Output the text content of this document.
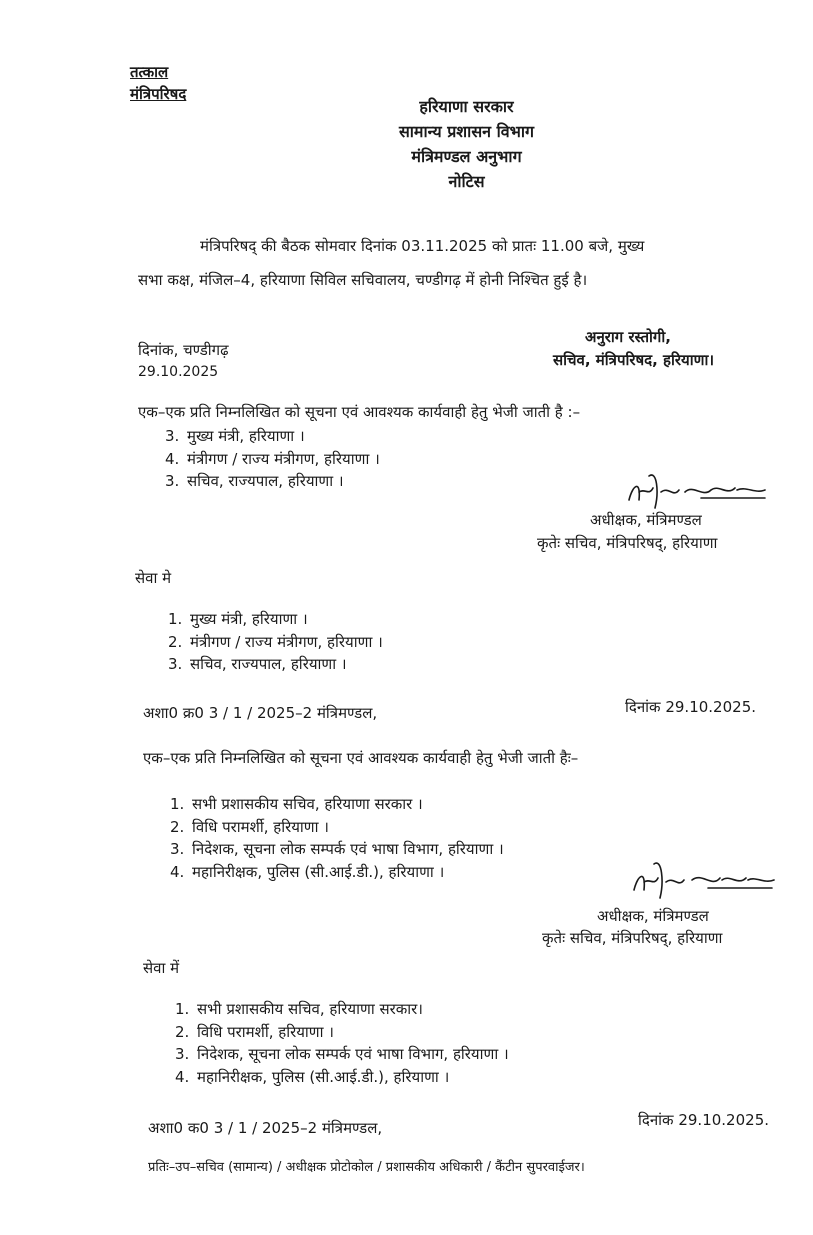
तत्काल

मंत्रिपरिषद

हरियाणा सरकार

सामान्य प्रशासन विभाग

मंत्रिमण्डल अनुभाग

नोटिस

मंत्रिपरिषद् की बैठक सोमवार दिनांक 03.11.2025 को प्रातः 11.00 बजे, मुख्य

सभा कक्ष, मंजिल–4, हरियाणा सिविल सचिवालय, चण्डीगढ़ में होनी निश्चित हुई है।

दिनांक, चण्डीगढ़

29.10.2025

अनुराग रस्तोगी,

सचिव, मंत्रिपरिषद, हरियाणा।

एक–एक प्रति निम्नलिखित को सूचना एवं आवश्यक कार्यवाही हेतु भेजी जाती है :–

3. मुख्य मंत्री, हरियाणा ।
4. मंत्रीगण / राज्य मंत्रीगण, हरियाणा ।
3. सचिव, राज्यपाल, हरियाणा ।

अधीक्षक, मंत्रिमण्डल

कृतेः सचिव, मंत्रिपरिषद्, हरियाणा

सेवा मे

1. मुख्य मंत्री, हरियाणा ।
2. मंत्रीगण / राज्य मंत्रीगण, हरियाणा ।
3. सचिव, राज्यपाल, हरियाणा ।

अशा0 क्र0 3 / 1 / 2025–2 मंत्रिमण्डल,	दिनांक 29.10.2025.

एक–एक प्रति निम्नलिखित को सूचना एवं आवश्यक कार्यवाही हेतु भेजी जाती हैः–

1. सभी प्रशासकीय सचिव, हरियाणा सरकार ।
2. विधि परामर्शी, हरियाणा ।
3. निदेशक, सूचना लोक सम्पर्क एवं भाषा विभाग, हरियाणा ।
4. महानिरीक्षक, पुलिस (सी.आई.डी.), हरियाणा ।

अधीक्षक, मंत्रिमण्डल

कृतेः सचिव, मंत्रिपरिषद्, हरियाणा

सेवा में

1. सभी प्रशासकीय सचिव, हरियाणा सरकार।
2. विधि परामर्शी, हरियाणा ।
3. निदेशक, सूचना लोक सम्पर्क एवं भाषा विभाग, हरियाणा ।
4. महानिरीक्षक, पुलिस (सी.आई.डी.), हरियाणा ।

अशा0 क0 3 / 1 / 2025–2 मंत्रिमण्डल,	दिनांक 29.10.2025.

प्रतिः–उप–सचिव (सामान्य) / अधीक्षक प्रोटोकोल / प्रशासकीय अधिकारी / कैंटीन सुपरवाईजर।
